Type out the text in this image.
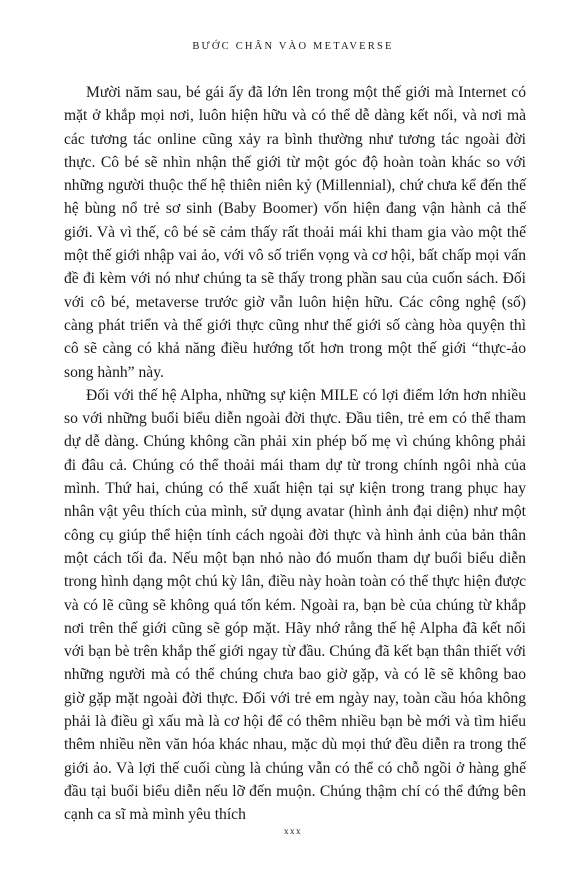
BƯỚC CHÂN VÀO METAVERSE

Mười năm sau, bé gái ấy đã lớn lên trong một thế giới mà Internet có mặt ở khắp mọi nơi, luôn hiện hữu và có thể dễ dàng kết nối, và nơi mà các tương tác online cũng xảy ra bình thường như tương tác ngoài đời thực. Cô bé sẽ nhìn nhận thế giới từ một góc độ hoàn toàn khác so với những người thuộc thế hệ thiên niên kỷ (Millennial), chứ chưa kể đến thế hệ bùng nổ trẻ sơ sinh (Baby Boomer) vốn hiện đang vận hành cả thế giới. Và vì thế, cô bé sẽ cảm thấy rất thoải mái khi tham gia vào một thế một thế giới nhập vai ảo, với vô số triển vọng và cơ hội, bất chấp mọi vấn đề đi kèm với nó như chúng ta sẽ thấy trong phần sau của cuốn sách. Đối với cô bé, metaverse trước giờ vẫn luôn hiện hữu. Các công nghệ (số) càng phát triển và thế giới thực cũng như thế giới số càng hòa quyện thì cô sẽ càng có khả năng điều hướng tốt hơn trong một thế giới “thực-ảo song hành” này.

Đối với thế hệ Alpha, những sự kiện MILE có lợi điểm lớn hơn nhiều so với những buổi biểu diễn ngoài đời thực. Đầu tiên, trẻ em có thể tham dự dễ dàng. Chúng không cần phải xin phép bố mẹ vì chúng không phải đi đâu cả. Chúng có thể thoải mái tham dự từ trong chính ngôi nhà của mình. Thứ hai, chúng có thể xuất hiện tại sự kiện trong trang phục hay nhân vật yêu thích của mình, sử dụng avatar (hình ảnh đại diện) như một công cụ giúp thể hiện tính cách ngoài đời thực và hình ảnh của bản thân một cách tối đa. Nếu một bạn nhỏ nào đó muốn tham dự buổi biểu diễn trong hình dạng một chú kỳ lân, điều này hoàn toàn có thể thực hiện được và có lẽ cũng sẽ không quá tốn kém. Ngoài ra, bạn bè của chúng từ khắp nơi trên thế giới cũng sẽ góp mặt. Hãy nhớ rằng thế hệ Alpha đã kết nối với bạn bè trên khắp thế giới ngay từ đầu. Chúng đã kết bạn thân thiết với những người mà có thể chúng chưa bao giờ gặp, và có lẽ sẽ không bao giờ gặp mặt ngoài đời thực. Đối với trẻ em ngày nay, toàn cầu hóa không phải là điều gì xấu mà là cơ hội để có thêm nhiều bạn bè mới và tìm hiểu thêm nhiều nền văn hóa khác nhau, mặc dù mọi thứ đều diễn ra trong thế giới ảo. Và lợi thế cuối cùng là chúng vẫn có thể có chỗ ngồi ở hàng ghế đầu tại buổi biểu diễn nếu lỡ đến muộn. Chúng thậm chí có thể đứng bên cạnh ca sĩ mà mình yêu thích

xxx
